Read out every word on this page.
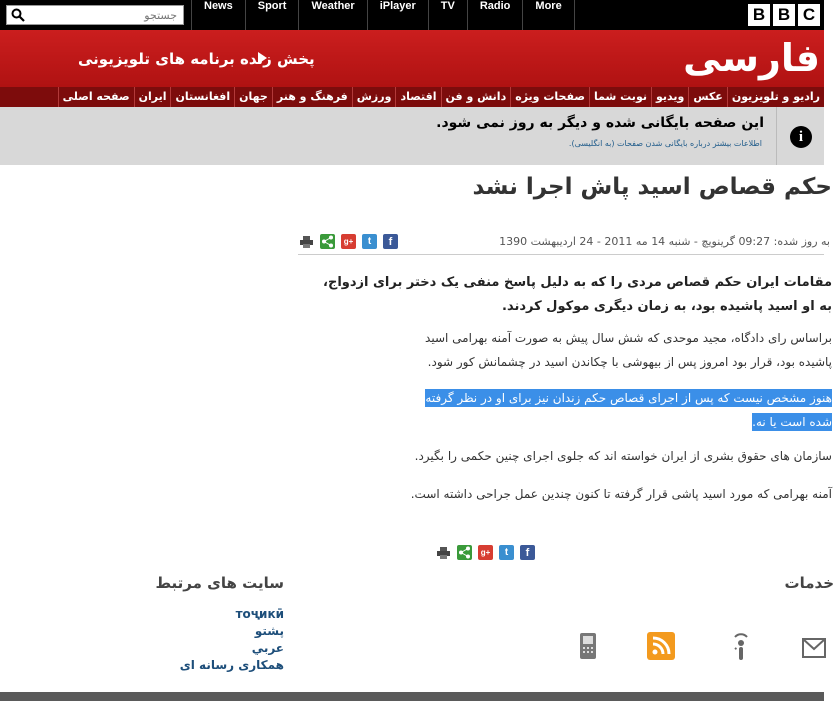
جستجو
News	Sport	Weather	iPlayer	TV	Radio	More	B B C
فارسی
پخش زنده برنامه های تلویزیونی
صفحه اصلی ایران افغانستان جهان فرهنگ و هنر ورزش اقتصاد دانش و فن صفحات ویژه نوبت شما ویدیو عکس رادیو و تلویزیون
این صفحه بایگانی شده و دیگر به روز نمی شود.
اطلاعات بیشتر درباره بایگانی شدن صفحات (به انگلیسی).	i
حکم قصاص اسید پاش اجرا نشد
به روز شده: 09:27 گرینویچ - شنبه 14 مه 2011 - 24 اردیبهشت 1390
g+	t	f
مقامات ایران حکم قصاص مردی را که به دلیل پاسخ منفی یک دختر برای ازدواج،
به او اسید پاشیده بود، به زمان دیگری موکول کردند.
براساس رای دادگاه، مجید موحدی که شش سال پیش به صورت آمنه بهرامی اسید
پاشیده بود، قرار بود امروز پس از بیهوشی با چکاندن اسید در چشمانش کور شود.
هنوز مشخص نیست که پس از اجرای قصاص حکم زندان نیز برای او در نظر گرفته
شده است یا نه.
سازمان های حقوق بشری از ایران خواسته اند که جلوی اجرای چنین حکمی را بگیرد.
آمنه بهرامی که مورد اسید پاشی قرار گرفته تا کنون چندین عمل جراحی داشته است.
g+	t	f
سایت های مرتبط
тоҷикӣ
پشتو
عربي
همکاری رسانه ای
خدمات
